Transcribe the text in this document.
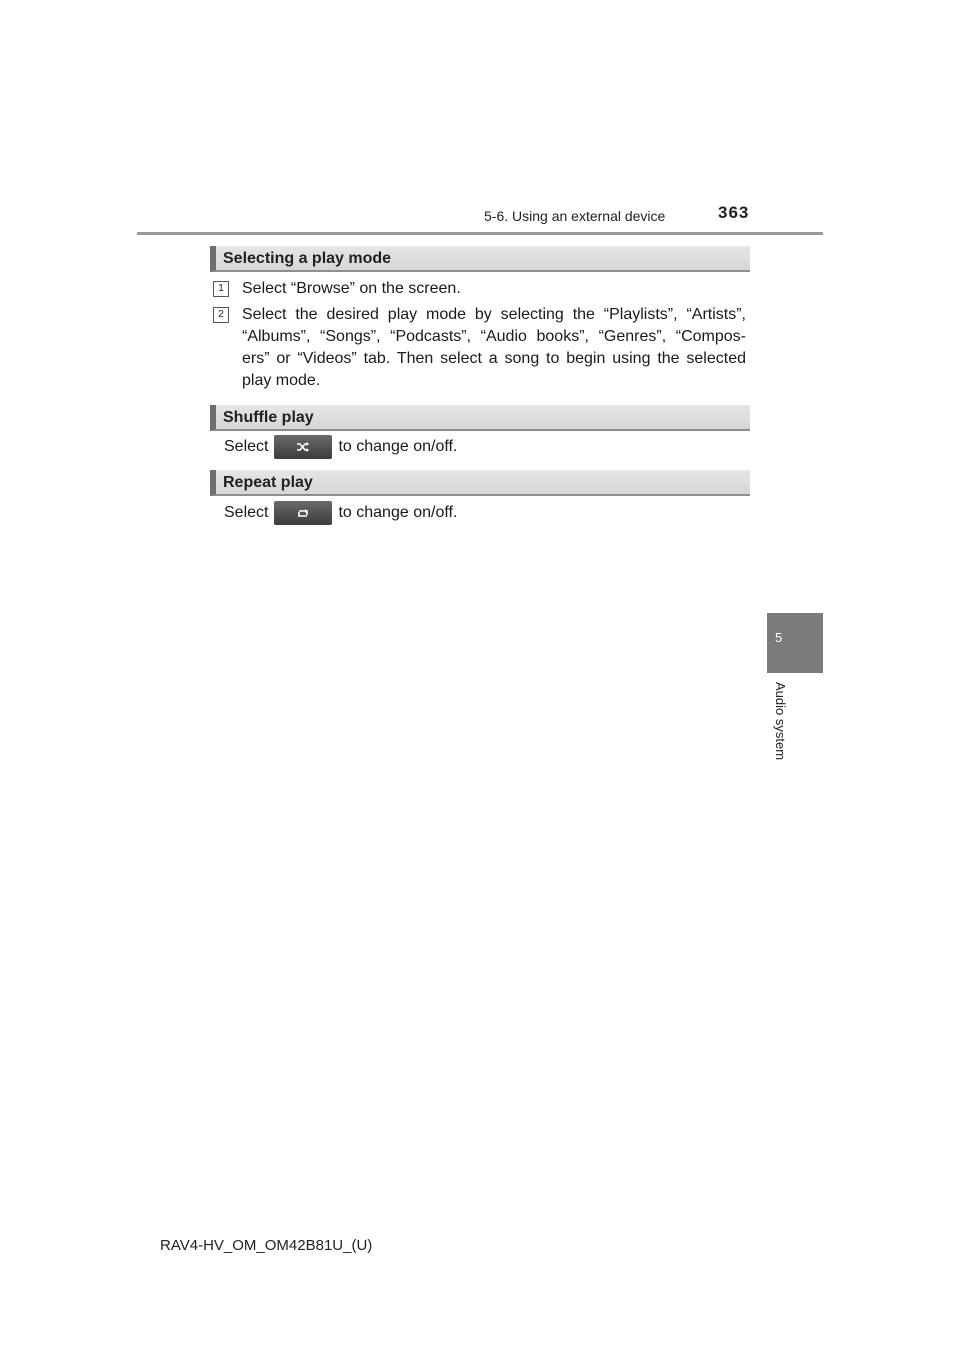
5-6. Using an external device	363
5
Audio system
Selecting a play mode
1	Select “Browse” on the screen.
2	Select the desired play mode by selecting the “Playlists”, “Artists”, “Albums”, “Songs”, “Podcasts”, “Audio books”, “Genres”, “Compos- ers” or “Videos” tab. Then select a song to begin using the selected play mode.
Shuffle play
Select	to change on/off.
Repeat play
Select	to change on/off.
RAV4-HV_OM_OM42B81U_(U)
